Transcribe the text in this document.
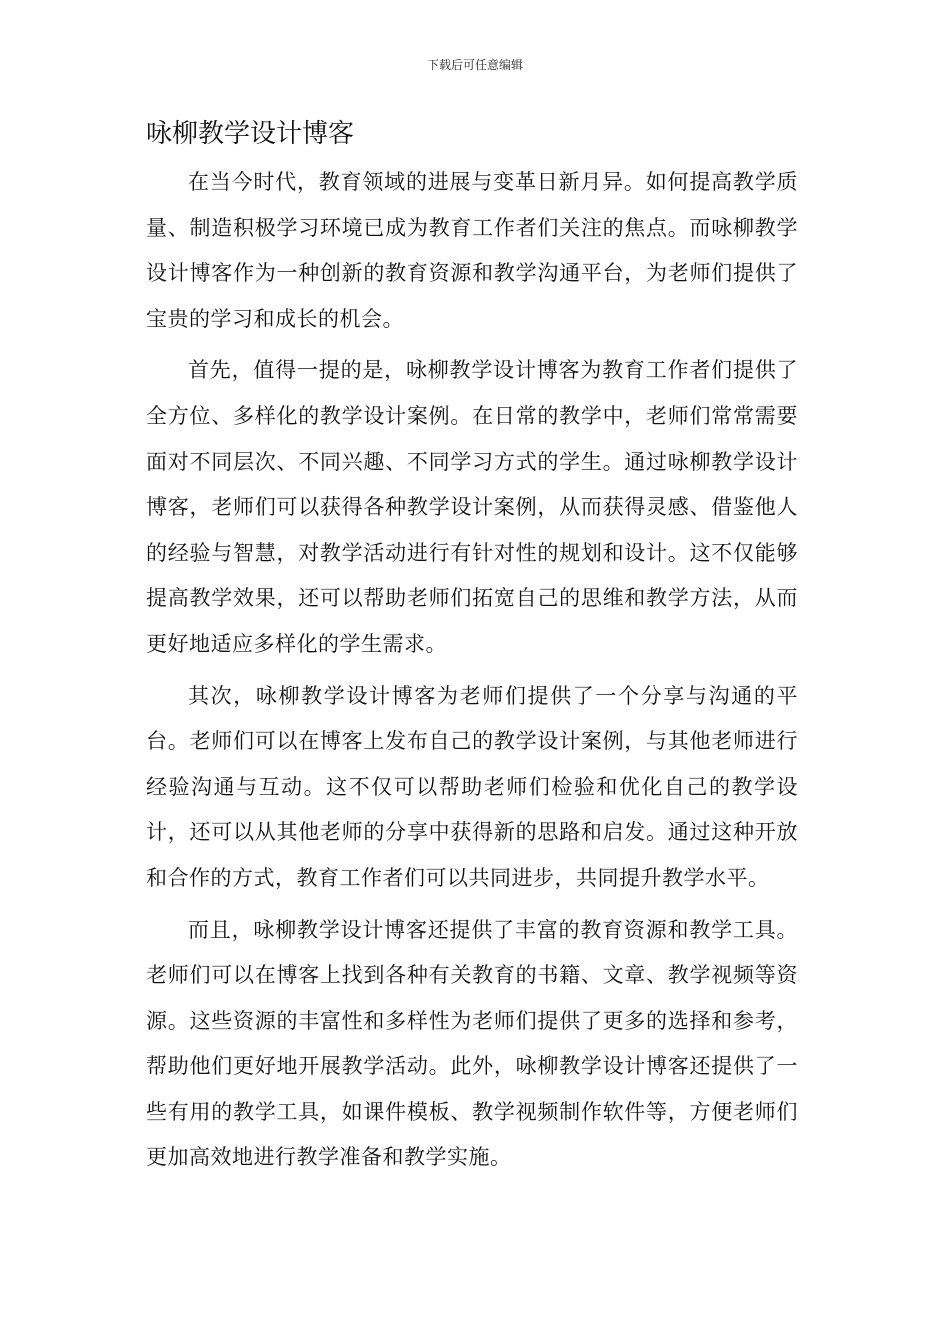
下载后可任意编辑
咏柳教学设计博客

在当今时代，教育领域的进展与变革日新月异。如何提高教学质量、制造积极学习环境已成为教育工作者们关注的焦点。而咏柳教学设计博客作为一种创新的教育资源和教学沟通平台，为老师们提供了宝贵的学习和成长的机会。

首先，值得一提的是，咏柳教学设计博客为教育工作者们提供了全方位、多样化的教学设计案例。在日常的教学中，老师们常常需要面对不同层次、不同兴趣、不同学习方式的学生。通过咏柳教学设计博客，老师们可以获得各种教学设计案例，从而获得灵感、借鉴他人的经验与智慧，对教学活动进行有针对性的规划和设计。这不仅能够提高教学效果，还可以帮助老师们拓宽自己的思维和教学方法，从而更好地适应多样化的学生需求。

其次，咏柳教学设计博客为老师们提供了一个分享与沟通的平台。老师们可以在博客上发布自己的教学设计案例，与其他老师进行经验沟通与互动。这不仅可以帮助老师们检验和优化自己的教学设计，还可以从其他老师的分享中获得新的思路和启发。通过这种开放和合作的方式，教育工作者们可以共同进步，共同提升教学水平。

而且，咏柳教学设计博客还提供了丰富的教育资源和教学工具。老师们可以在博客上找到各种有关教育的书籍、文章、教学视频等资源。这些资源的丰富性和多样性为老师们提供了更多的选择和参考，帮助他们更好地开展教学活动。此外，咏柳教学设计博客还提供了一些有用的教学工具，如课件模板、教学视频制作软件等，方便老师们更加高效地进行教学准备和教学实施。
